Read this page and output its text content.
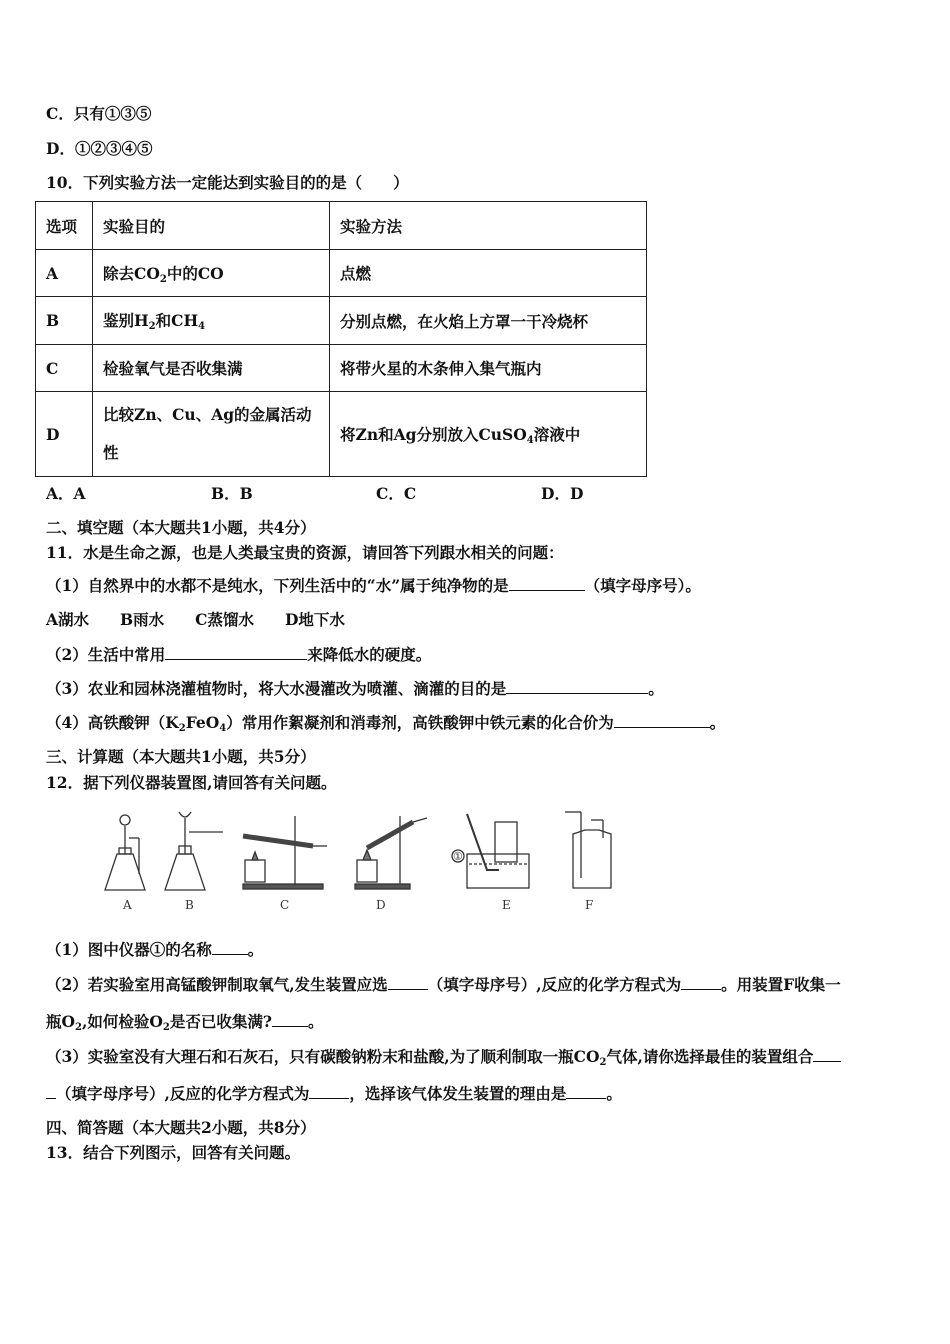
C．只有①③⑤
D．①②③④⑤
10．下列实验方法一定能达到实验目的的是（　　）
选项	实验目的	实验方法
A	除去$CO_2$中的CO	点燃
B	鉴别$H_2$和$CH_4$	分别点燃，在火焰上方罩一干冷烧杯
C	检验氧气是否收集满	将带火星的木条伸入集气瓶内
D	比较Zn、Cu、Ag的金属活动性	将Zn和Ag分别放入CuSO$_4$溶液中
A．A	B．B	C．C	D．D
二、填空题（本大题共1小题，共4分）
11．水是生命之源，也是人类最宝贵的资源，请回答下列跟水相关的问题：
（1）自然界中的水都不是纯水，下列生活中的“水”属于纯净物的是	（填字母序号）。
A湖水　　B雨水　　C蒸馏水　　D地下水
（2）生活中常用	来降低水的硬度。
（3）农业和园林浇灌植物时，将大水漫灌改为喷灌、滴灌的目的是	。
（4）高铁酸钾$(K_2FeO_4)$常用作絮凝剂和消毒剂，高铁酸钾中铁元素的化合价为	。
三、计算题（本大题共1小题，共5分）
12．据下列仪器装置图,请回答有关问题。
A	B	C	D	E	F
①
（1）图中仪器①的名称 。
（2）若实验室用高锰酸钾制取氧气,发生装置应选	（填字母序号）,反应的化学方程式为	。用装置F收集一
瓶$O_2$,如何检验$O_2$是否已收集满? 。
（3）实验室没有大理石和石灰石，只有碳酸钠粉末和盐酸,为了顺利制取一瓶$CO_2$气体,请你选择最佳的装置组合
（填字母序号）,反应的化学方程式为	，选择该气体发生装置的理由是	。
四、简答题（本大题共2小题，共8分）
13．结合下列图示，回答有关问题。
